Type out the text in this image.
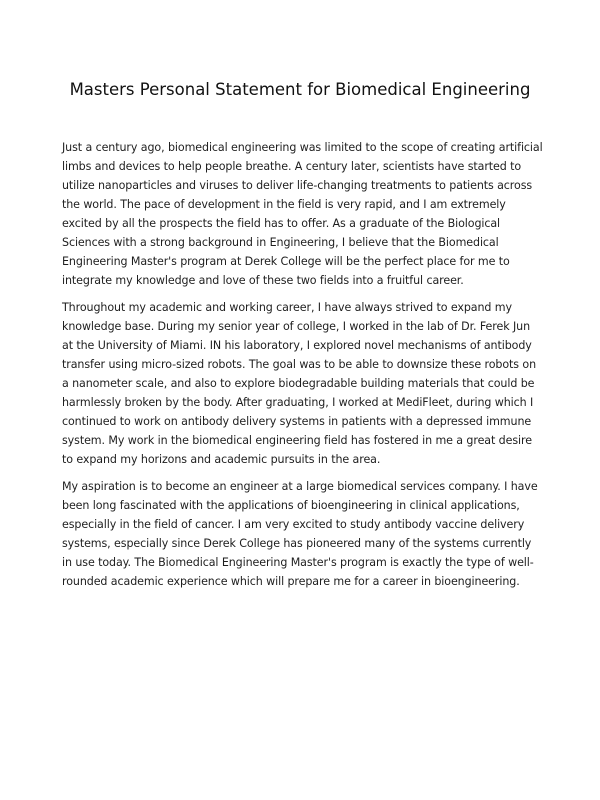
Masters Personal Statement for Biomedical Engineering

Just a century ago, biomedical engineering was limited to the scope of creating artificial limbs and devices to help people breathe. A century later, scientists have started to utilize nanoparticles and viruses to deliver life-changing treatments to patients across the world. The pace of development in the field is very rapid, and I am extremely excited by all the prospects the field has to offer. As a graduate of the Biological Sciences with a strong background in Engineering, I believe that the Biomedical Engineering Master's program at Derek College will be the perfect place for me to integrate my knowledge and love of these two fields into a fruitful career.

Throughout my academic and working career, I have always strived to expand my knowledge base. During my senior year of college, I worked in the lab of Dr. Ferek Jun at the University of Miami. IN his laboratory, I explored novel mechanisms of antibody transfer using micro-sized robots. The goal was to be able to downsize these robots on a nanometer scale, and also to explore biodegradable building materials that could be harmlessly broken by the body. After graduating, I worked at MediFleet, during which I continued to work on antibody delivery systems in patients with a depressed immune system. My work in the biomedical engineering field has fostered in me a great desire to expand my horizons and academic pursuits in the area.

My aspiration is to become an engineer at a large biomedical services company. I have been long fascinated with the applications of bioengineering in clinical applications, especially in the field of cancer. I am very excited to study antibody vaccine delivery systems, especially since Derek College has pioneered many of the systems currently in use today. The Biomedical Engineering Master's program is exactly the type of well-rounded academic experience which will prepare me for a career in bioengineering.
